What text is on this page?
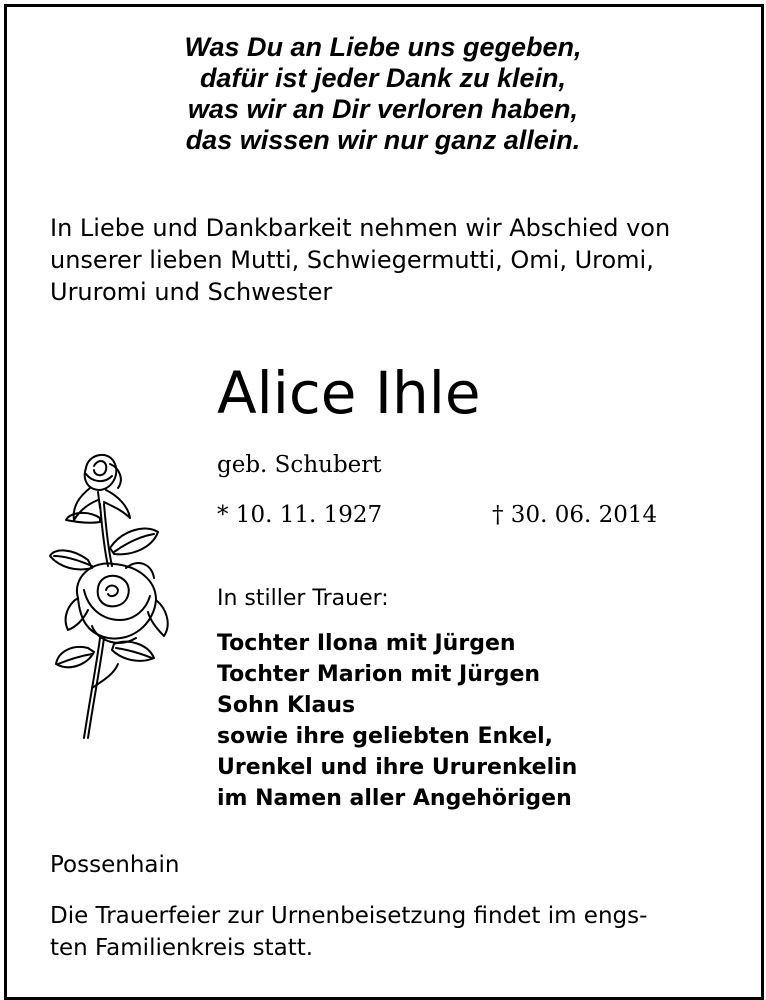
Was Du an Liebe uns gegeben,
dafür ist jeder Dank zu klein,
was wir an Dir verloren haben,
das wissen wir nur ganz allein.
In Liebe und Dankbarkeit nehmen wir Abschied von
unserer lieben Mutti, Schwiegermutti, Omi, Uromi,
Ururomi und Schwester
Alice Ihle
geb. Schubert
* 10. 11. 1927	† 30. 06. 2014
In stiller Trauer:
Tochter Ilona mit Jürgen
Tochter Marion mit Jürgen
Sohn Klaus
sowie ihre geliebten Enkel,
Urenkel und ihre Ururenkelin
im Namen aller Angehörigen
Possenhain
Die Trauerfeier zur Urnenbeisetzung findet im engs-
ten Familienkreis statt.
